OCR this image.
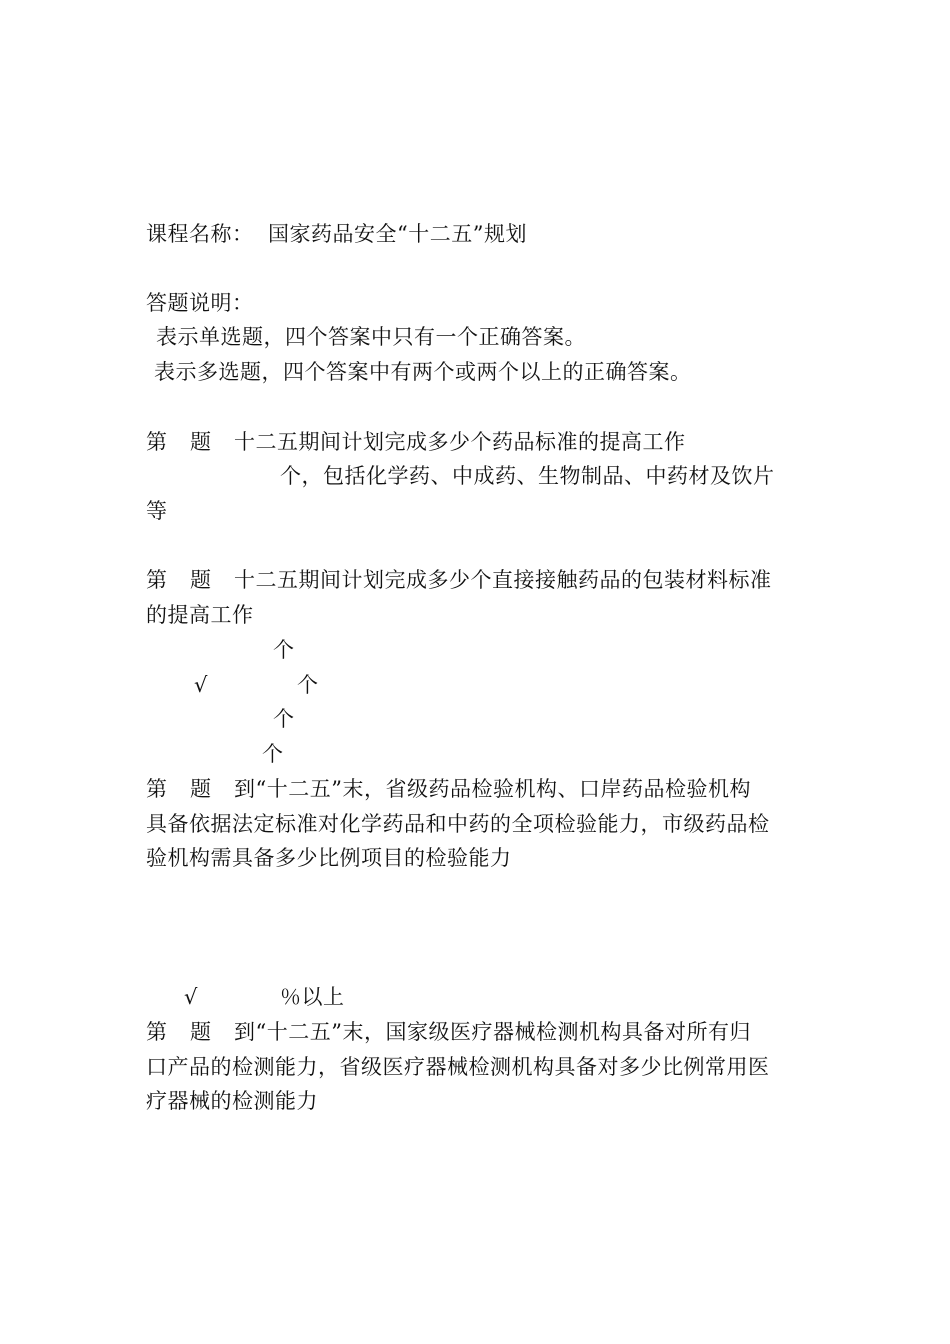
课程名称： 国家药品安全“十二五”规划
答题说明：
表示单选题，四个答案中只有一个正确答案。
表示多选题，四个答案中有两个或两个以上的正确答案。
第 题 十二五期间计划完成多少个药品标准的提高工作
个，包括化学药、中成药、生物制品、中药材及饮片
等
第 题 十二五期间计划完成多少个直接接触药品的包装材料标准
的提高工作
个
√	个
个
个
第 题 到“十二五”末，省级药品检验机构、口岸药品检验机构
具备依据法定标准对化学药品和中药的全项检验能力，市级药品检
验机构需具备多少比例项目的检验能力
√	％以上
第 题 到“十二五”末，国家级医疗器械检测机构具备对所有归
口产品的检测能力，省级医疗器械检测机构具备对多少比例常用医
疗器械的检测能力
